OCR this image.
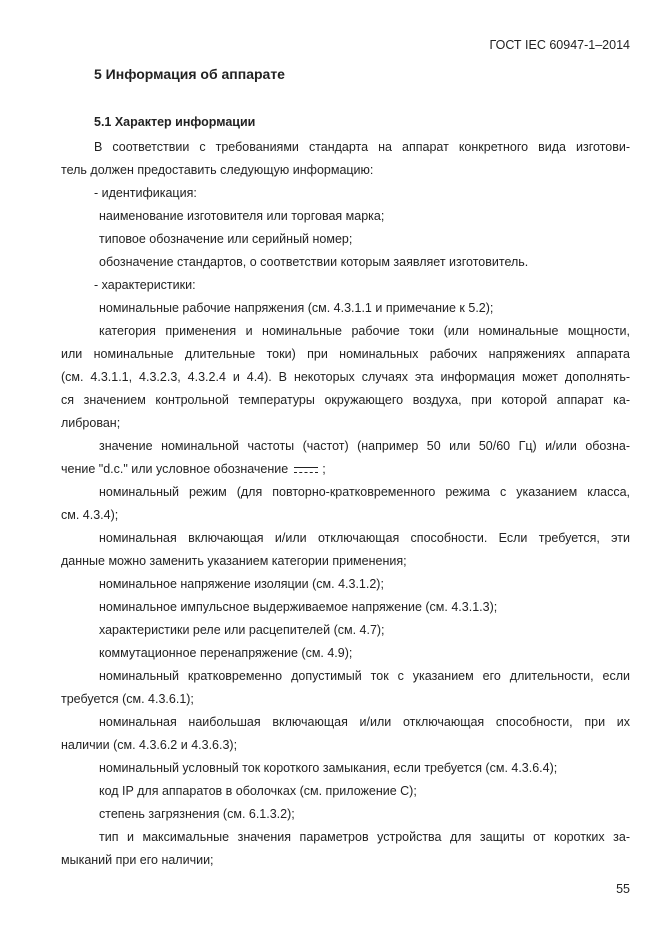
ГОСТ IEC 60947-1–2014
5 Информация об аппарате
5.1 Характер информации
В соответствии с требованиями стандарта на аппарат конкретного вида изготови-
тель должен предоставить следующую информацию:
- идентификация:
наименование изготовителя или торговая марка;
типовое обозначение или серийный номер;
обозначение стандартов, о соответствии которым заявляет изготовитель.
- характеристики:
номинальные рабочие напряжения (см. 4.3.1.1 и примечание к 5.2);
категория применения и номинальные рабочие токи (или номинальные мощности,
или номинальные длительные токи) при номинальных рабочих напряжениях аппарата
(см. 4.3.1.1, 4.3.2.3, 4.3.2.4 и 4.4). В некоторых случаях эта информация может дополнять-
ся значением контрольной температуры окружающего воздуха, при которой аппарат ка-
либрован;
значение номинальной частоты (частот) (например 50 или 50/60 Гц) и/или обозна-
чение "d.c." или условное обозначение	;
номинальный режим (для повторно-кратковременного режима с указанием класса,
см. 4.3.4);
номинальная включающая и/или отключающая способности. Если требуется, эти
данные можно заменить указанием категории применения;
номинальное напряжение изоляции (см. 4.3.1.2);
номинальное импульсное выдерживаемое напряжение (см. 4.3.1.3);
характеристики реле или расцепителей (см. 4.7);
коммутационное перенапряжение (см. 4.9);
номинальный кратковременно допустимый ток с указанием его длительности, если
требуется (см. 4.3.6.1);
номинальная наибольшая включающая и/или отключающая способности, при их
наличии (см. 4.3.6.2 и 4.3.6.3);
номинальный условный ток короткого замыкания, если требуется (см. 4.3.6.4);
код IP для аппаратов в оболочках (см. приложение С);
степень загрязнения (см. 6.1.3.2);
тип и максимальные значения параметров устройства для защиты от коротких за-
мыканий при его наличии;
55
